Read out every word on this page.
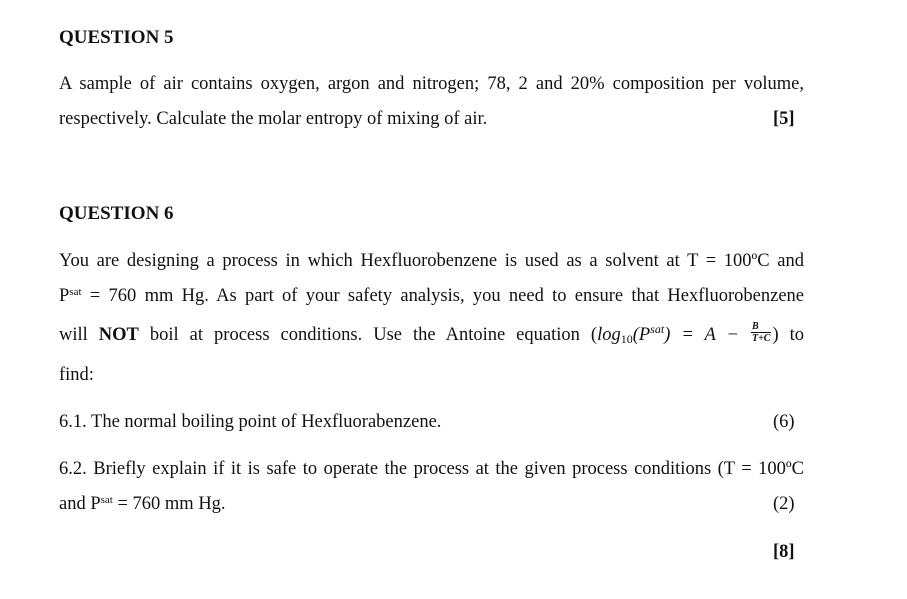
QUESTION 5
A sample of air contains oxygen, argon and nitrogen; 78, 2 and 20% composition per volume,
respectively. Calculate the molar entropy of mixing of air.	[5]
QUESTION 6
You are designing a process in which Hexfluorobenzene is used as a solvent at T = 100ºC and
$P^{sat} = 760$ mm Hg. As part of your safety analysis, you need to ensure that Hexfluorobenzene
will NOT boil at process conditions. Use the Antoine equation ($\log 10(P^{sat}) = A - \frac{B}{T+C}$ ) to
find:
6.1. The normal boiling point of Hexfluorabenzene.	(6)
6.2. Briefly explain if it is safe to operate the process at the given process conditions (T = 100ºC
and $P^{sat} = 760$ mm Hg.	(2)
[8]
